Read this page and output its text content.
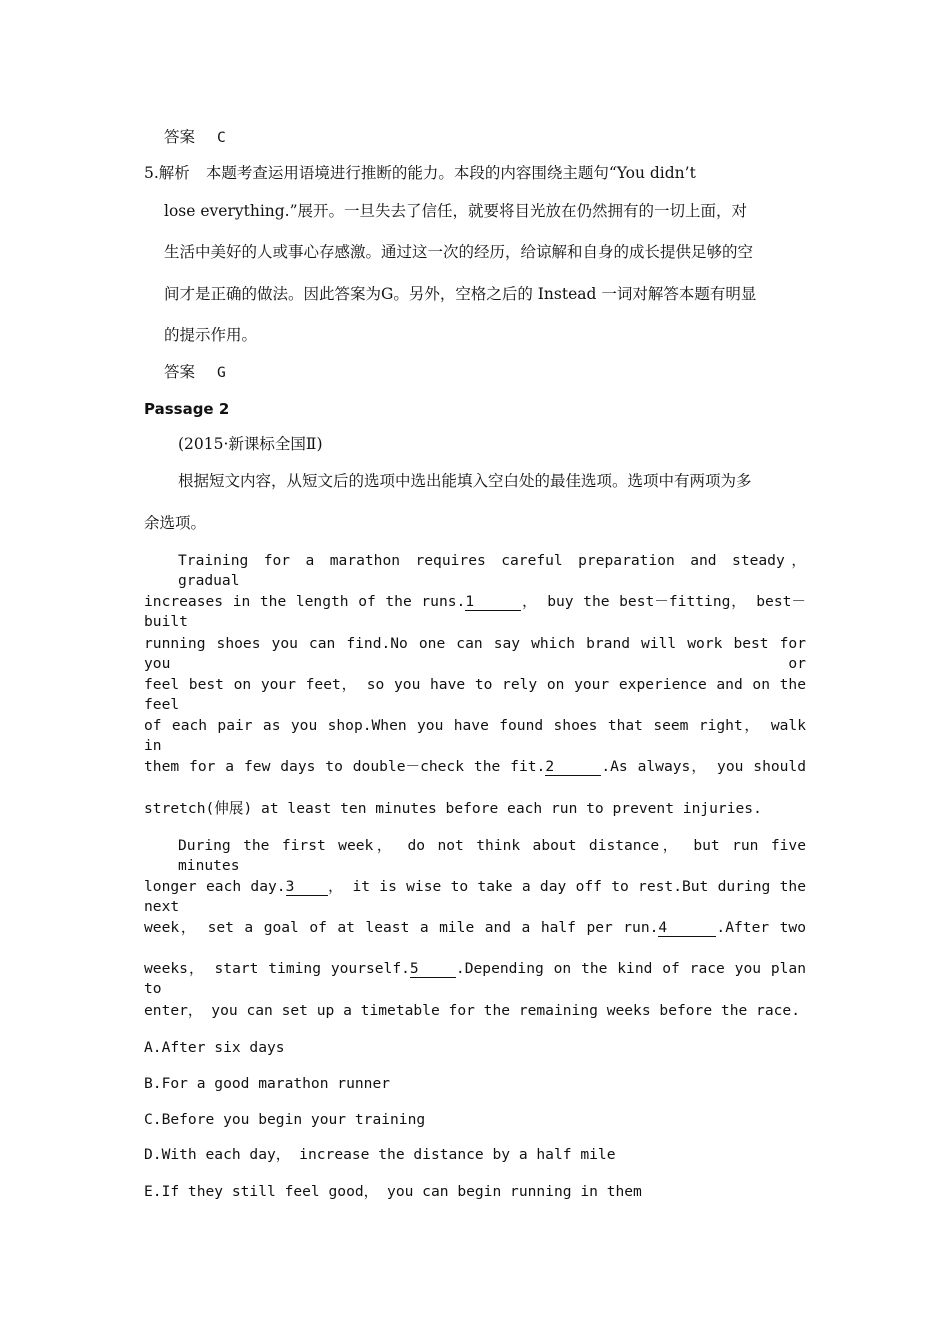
答案 C
5.解析 本题考查运用语境进行推断的能力。本段的内容围绕主题句“You didn’t
lose everything.”展开。一旦失去了信任，就要将目光放在仍然拥有的一切上面，对
生活中美好的人或事心存感激。通过这一次的经历，给谅解和自身的成长提供足够的空
间才是正确的做法。因此答案为G。另外，空格之后的 Instead 一词对解答本题有明显
的提示作用。
答案 G
Passage 2
(2015·新课标全国Ⅱ)
根据短文内容，从短文后的选项中选出能填入空白处的最佳选项。选项中有两项为多
余选项。
Training for a marathon requires careful preparation and steady， gradual
increases in the length of the runs.1	， buy the best－fitting， best－built
running shoes you can find.No one can say which brand will work best for you or
feel best on your feet， so you have to rely on your experience and on the feel
of each pair as you shop.When you have found shoes that seem right， walk in
them for a few days to double－check the fit.2	.As always， you should
stretch(伸展) at least ten minutes before each run to prevent injuries.
During the first week， do not think about distance， but run five minutes
longer each day.3 ， it is wise to take a day off to rest.But during the next
week， set a goal of at least a mile and a half per run.4	.After two
weeks， start timing yourself.5	.Depending on the kind of race you plan to
enter， you can set up a timetable for the remaining weeks before the race.
A.After six days
B.For a good marathon runner
C.Before you begin your training
D.With each day， increase the distance by a half mile
E.If they still feel good， you can begin running in them
